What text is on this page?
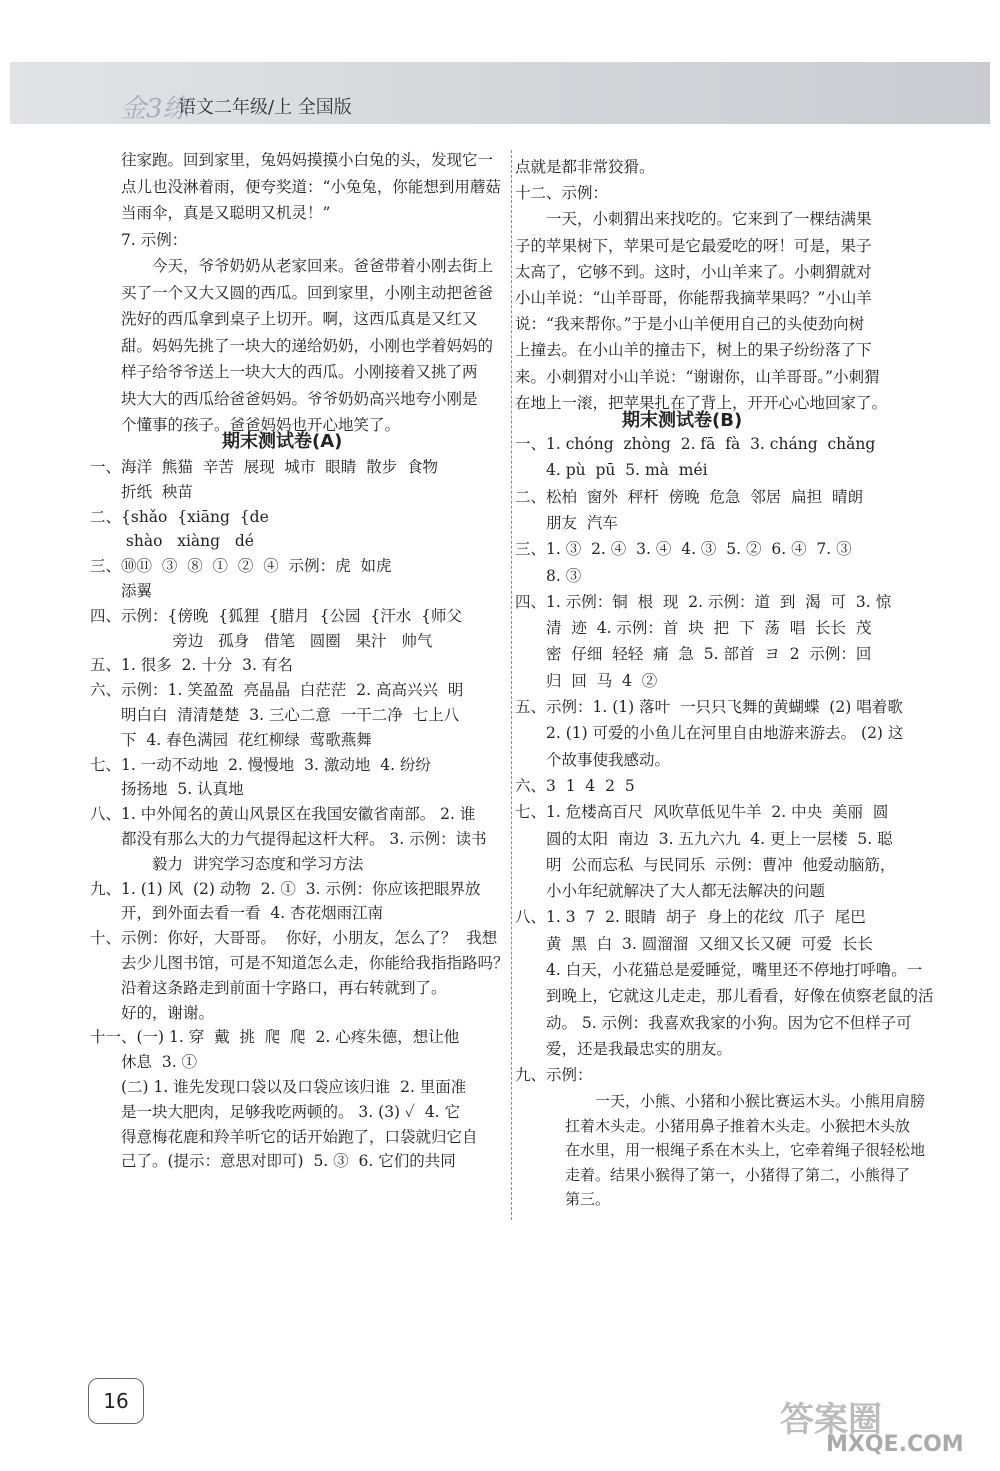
金3练
语文二年级/上 全国版
往家跑。回到家里，兔妈妈摸摸小白兔的头，发现它一
点儿也没淋着雨，便夸奖道：“小兔兔，你能想到用蘑菇
当雨伞，真是又聪明又机灵！”
7. 示例：
　　今天，爷爷奶奶从老家回来。爸爸带着小刚去街上
买了一个又大又圆的西瓜。回到家里，小刚主动把爸爸
洗好的西瓜拿到桌子上切开。啊，这西瓜真是又红又
甜。妈妈先挑了一块大的递给奶奶，小刚也学着妈妈的
样子给爷爷送上一块大大的西瓜。小刚接着又挑了两
块大大的西瓜给爸爸妈妈。爷爷奶奶高兴地夸小刚是
个懂事的孩子。爸爸妈妈也开心地笑了。
期末测试卷(A)
一、海洋  熊猫  辛苦  展现  城市  眼睛  散步  食物
　　折纸  秧苗
二、{shǎo  {xiāng  {de
　　 shào   xiàng   dé
三、⑩⑪  ③  ⑧  ①  ②  ④  示例：虎  如虎
　　添翼
四、示例：{傍晚  {狐狸  {腊月  {公园  {汗水  {师父
　　　　　 旁边   孤身   借笔   圆圈   果汁   帅气
五、1. 很多  2. 十分  3. 有名
六、示例：1. 笑盈盈  亮晶晶  白茫茫  2. 高高兴兴  明
　　明白白  清清楚楚  3. 三心二意  一干二净  七上八
　　下  4. 春色满园  花红柳绿  莺歌燕舞
七、1. 一动不动地  2. 慢慢地  3. 激动地  4. 纷纷
　　扬扬地  5. 认真地
八、1. 中外闻名的黄山风景区在我国安徽省南部。 2. 谁
　　都没有那么大的力气提得起这杆大秤。 3. 示例：读书
　　　　毅力  讲究学习态度和学习方法
九、1. (1) 风  (2) 动物  2. ①  3. 示例：你应该把眼界放
　　开，到外面去看一看  4. 杏花烟雨江南
十、示例：你好，大哥哥。  你好，小朋友，怎么了？  我想
　　去少儿图书馆，可是不知道怎么走，你能给我指指路吗？
　　沿着这条路走到前面十字路口，再右转就到了。
　　好的，谢谢。
十一、(一) 1. 穿  戴  挑  爬  爬  2. 心疼朱德，想让他
　　休息  3. ①
　　(二) 1. 谁先发现口袋以及口袋应该归谁  2. 里面准
　　是一块大肥肉，足够我吃两顿的。 3. (3) ✓  4. 它
　　得意梅花鹿和羚羊听它的话开始跑了，口袋就归它自
　　己了。(提示：意思对即可)  5. ③  6. 它们的共同
点就是都非常狡猾。
十二、示例：
　　一天，小刺猬出来找吃的。它来到了一棵结满果
子的苹果树下，苹果可是它最爱吃的呀！可是，果子
太高了，它够不到。这时，小山羊来了。小刺猬就对
小山羊说：“山羊哥哥，你能帮我摘苹果吗？”小山羊
说：“我来帮你。”于是小山羊便用自己的头使劲向树
上撞去。在小山羊的撞击下，树上的果子纷纷落了下
来。小刺猬对小山羊说：“谢谢你，山羊哥哥。”小刺猬
在地上一滚，把苹果扎在了背上，开开心心地回家了。
期末测试卷(B)
一、1. chóng  zhòng  2. fā  fà  3. cháng  chǎng
　　4. pù  pū  5. mà  méi
二、松柏  窗外  秤杆  傍晚  危急  邻居  扁担  晴朗
　　朋友  汽车
三、1. ③  2. ④  3. ④  4. ③  5. ②  6. ④  7. ③
　　8. ③
四、1. 示例：铜  根  现  2. 示例：道  到  渴  可  3. 惊
　　清  迹  4. 示例：首  块  把  下  荡  唱  长长  茂
　　密  仔细  轻轻  痛  急  5. 部首  ヨ  2  示例：回
　　归  回  马  4  ②
五、示例：1. (1) 落叶  一只只飞舞的黄蝴蝶  (2) 唱着歌
　　2. (1) 可爱的小鱼儿在河里自由地游来游去。 (2) 这
　　个故事使我感动。
六、3  1  4  2  5
七、1. 危楼高百尺  风吹草低见牛羊  2. 中央  美丽  圆
　　圆的太阳  南边  3. 五九六九  4. 更上一层楼  5. 聪
　　明  公而忘私  与民同乐  示例：曹冲  他爱动脑筋，
　　小小年纪就解决了大人都无法解决的问题
八、1. 3  7  2. 眼睛  胡子  身上的花纹  爪子  尾巴
　　黄  黑  白  3. 圆溜溜  又细又长又硬  可爱  长长
　　4. 白天，小花猫总是爱睡觉，嘴里还不停地打呼噜。一
　　到晚上，它就这儿走走，那儿看看，好像在侦察老鼠的活
　　动。 5. 示例：我喜欢我家的小狗。因为它不但样子可
　　爱，还是我最忠实的朋友。
九、示例：
　　一天，小熊、小猪和小猴比赛运木头。小熊用肩膀
扛着木头走。小猪用鼻子推着木头走。小猴把木头放
在水里，用一根绳子系在木头上，它牵着绳子很轻松地
走着。结果小猴得了第一，小猪得了第二，小熊得了
第三。
16	答案圈
MXQE.COM
